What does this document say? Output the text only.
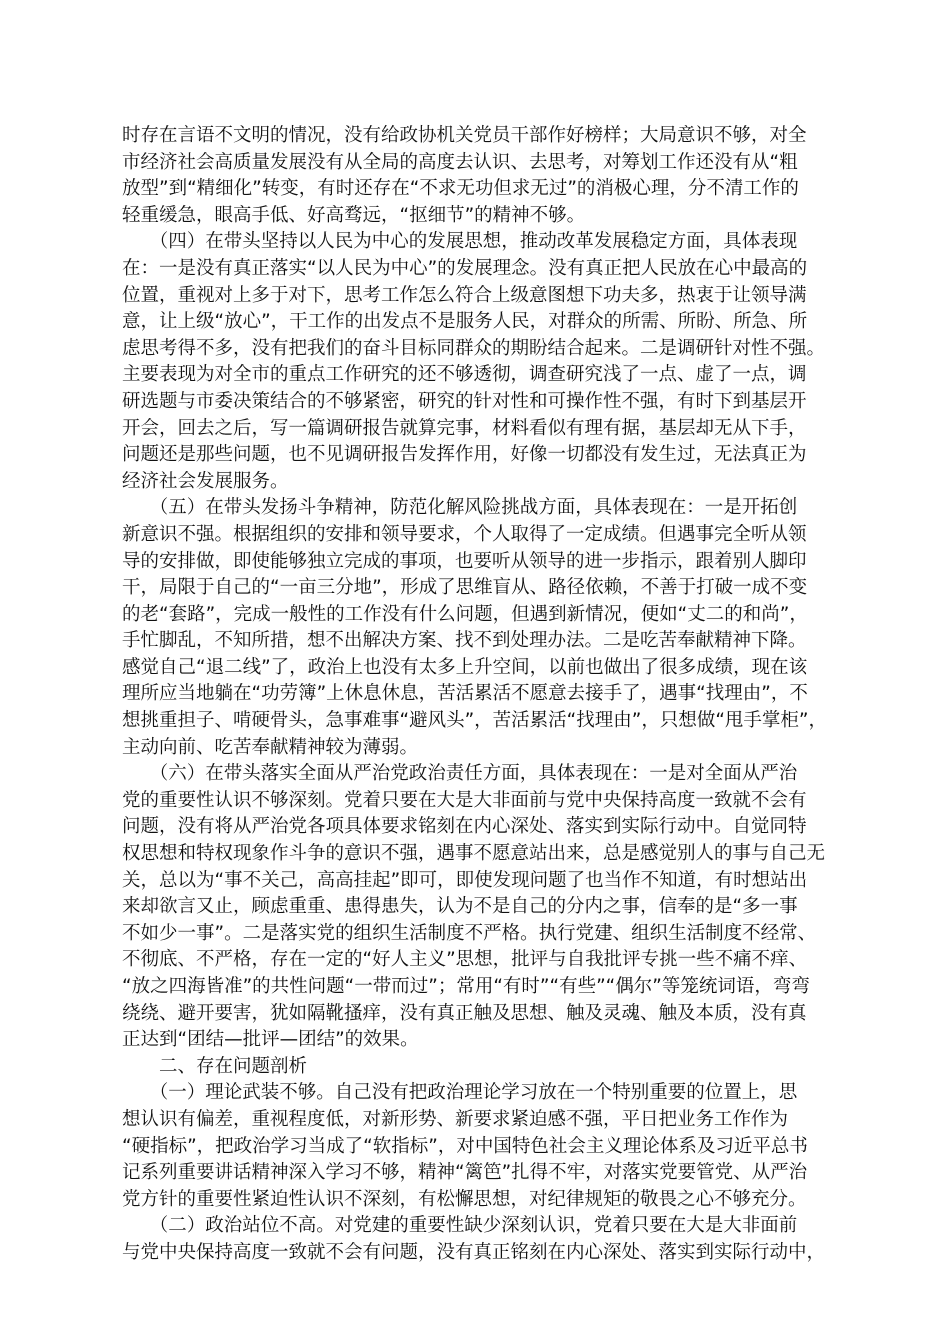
时存在言语不文明的情况，没有给政协机关党员干部作好榜样；大局意识不够，对全
市经济社会高质量发展没有从全局的高度去认识、去思考，对筹划工作还没有从“粗
放型”到“精细化”转变，有时还存在“不求无功但求无过”的消极心理，分不清工作的
轻重缓急，眼高手低、好高骛远，“抠细节”的精神不够。
　　（四）在带头坚持以人民为中心的发展思想，推动改革发展稳定方面，具体表现
在：一是没有真正落实“以人民为中心”的发展理念。没有真正把人民放在心中最高的
位置，重视对上多于对下，思考工作怎么符合上级意图想下功夫多，热衷于让领导满
意，让上级“放心”，干工作的出发点不是服务人民，对群众的所需、所盼、所急、所
虑思考得不多，没有把我们的奋斗目标同群众的期盼结合起来。二是调研针对性不强。
主要表现为对全市的重点工作研究的还不够透彻，调查研究浅了一点、虚了一点，调
研选题与市委决策结合的不够紧密，研究的针对性和可操作性不强，有时下到基层开
开会，回去之后，写一篇调研报告就算完事，材料看似有理有据，基层却无从下手，
问题还是那些问题，也不见调研报告发挥作用，好像一切都没有发生过，无法真正为
经济社会发展服务。
　　（五）在带头发扬斗争精神，防范化解风险挑战方面，具体表现在：一是开拓创
新意识不强。根据组织的安排和领导要求，个人取得了一定成绩。但遇事完全听从领
导的安排做，即使能够独立完成的事项，也要听从领导的进一步指示，跟着别人脚印
干，局限于自己的“一亩三分地”，形成了思维盲从、路径依赖，不善于打破一成不变
的老“套路”，完成一般性的工作没有什么问题，但遇到新情况，便如“丈二的和尚”，
手忙脚乱，不知所措，想不出解决方案、找不到处理办法。二是吃苦奉献精神下降。
感觉自己“退二线”了，政治上也没有太多上升空间，以前也做出了很多成绩，现在该
理所应当地躺在“功劳簿”上休息休息，苦活累活不愿意去接手了，遇事“找理由”，不
想挑重担子、啃硬骨头，急事难事“避风头”，苦活累活“找理由”，只想做“甩手掌柜”，
主动向前、吃苦奉献精神较为薄弱。
　　（六）在带头落实全面从严治党政治责任方面，具体表现在：一是对全面从严治
党的重要性认识不够深刻。党着只要在大是大非面前与党中央保持高度一致就不会有
问题，没有将从严治党各项具体要求铭刻在内心深处、落实到实际行动中。自觉同特
权思想和特权现象作斗争的意识不强，遇事不愿意站出来，总是感觉别人的事与自己无
关，总以为“事不关己，高高挂起”即可，即使发现问题了也当作不知道，有时想站出
来却欲言又止，顾虑重重、患得患失，认为不是自己的分内之事，信奉的是“多一事
不如少一事”。二是落实党的组织生活制度不严格。执行党建、组织生活制度不经常、
不彻底、不严格，存在一定的“好人主义”思想，批评与自我批评专挑一些不痛不痒、
“放之四海皆准”的共性问题“一带而过”；常用“有时”“有些”“偶尔”等笼统词语，弯弯
绕绕、避开要害，犹如隔靴搔痒，没有真正触及思想、触及灵魂、触及本质，没有真
正达到“团结—批评—团结”的效果。
　　二、存在问题剖析
　　（一）理论武装不够。自己没有把政治理论学习放在一个特别重要的位置上，思
想认识有偏差，重视程度低，对新形势、新要求紧迫感不强，平日把业务工作作为
“硬指标”，把政治学习当成了“软指标”，对中国特色社会主义理论体系及习近平总书
记系列重要讲话精神深入学习不够，精神“篱笆”扎得不牢，对落实党要管党、从严治
党方针的重要性紧迫性认识不深刻，有松懈思想，对纪律规矩的敬畏之心不够充分。
　　（二）政治站位不高。对党建的重要性缺少深刻认识，党着只要在大是大非面前
与党中央保持高度一致就不会有问题，没有真正铭刻在内心深处、落实到实际行动中，
